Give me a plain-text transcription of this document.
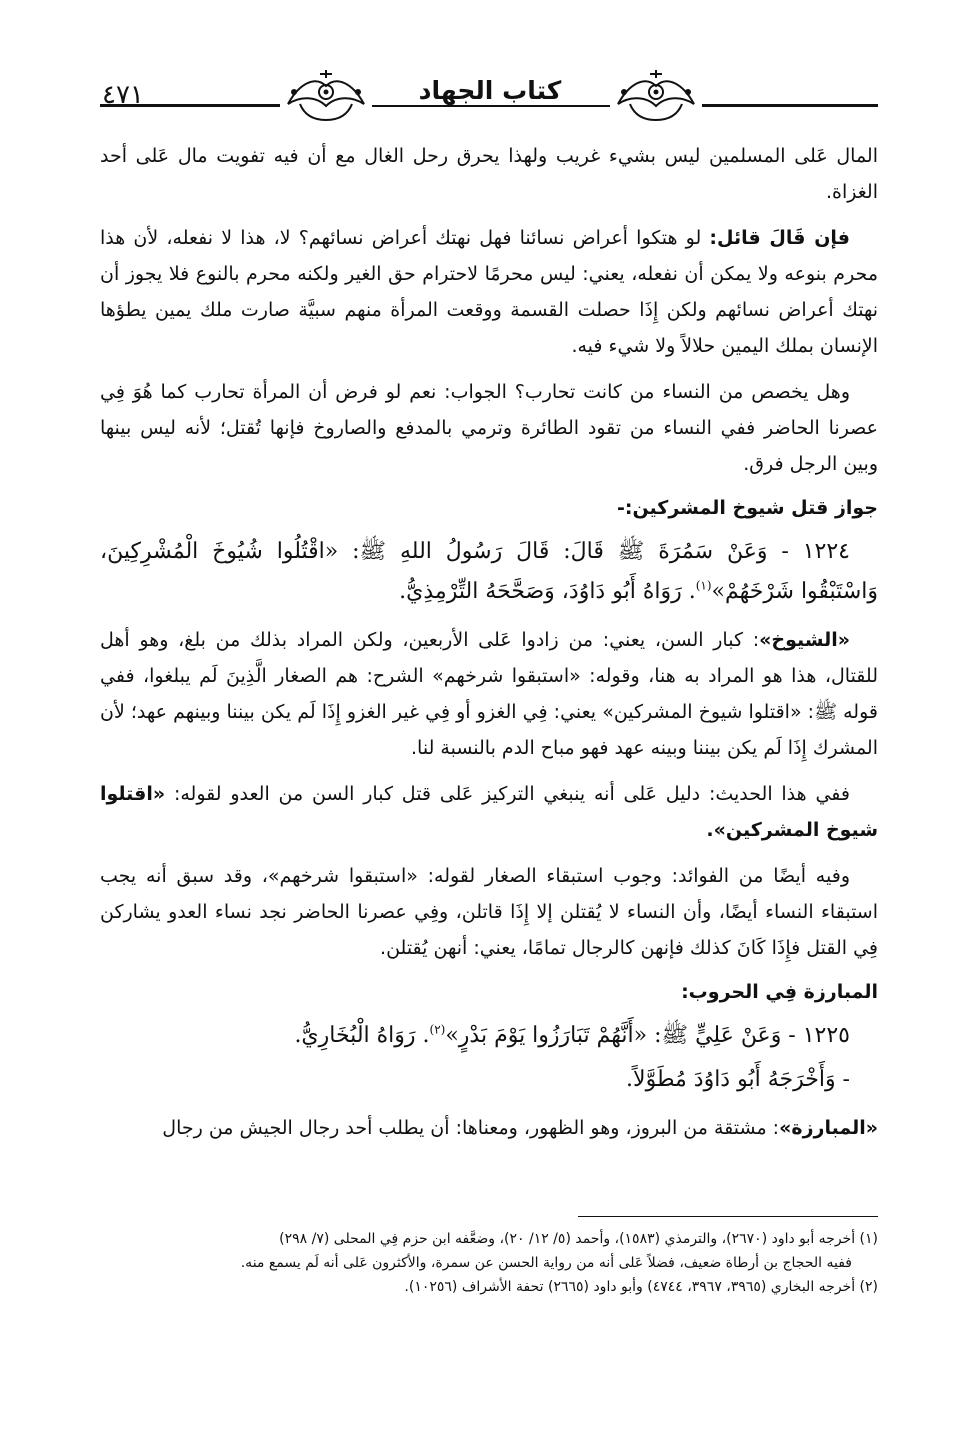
٤٧١	كتاب الجهاد

المال عَلى المسلمين ليس بشيء غريب ولهذا يحرق رحل الغال مع أن فيه تفويت مال عَلى أحد الغزاة.

فإن قَالَ قائل: لو هتكوا أعراض نسائنا فهل نهتك أعراض نسائهم؟ لا، هذا لا نفعله، لأن هذا محرم بنوعه ولا يمكن أن نفعله، يعني: ليس محرمًا لاحترام حق الغير ولكنه محرم بالنوع فلا يجوز أن نهتك أعراض نسائهم ولكن إِذَا حصلت القسمة ووقعت المرأة منهم سبيَّة صارت ملك يمين يطؤها الإنسان بملك اليمين حلالاً ولا شيء فيه.

وهل يخصص من النساء من كانت تحارب؟ الجواب: نعم لو فرض أن المرأة تحارب كما هُوَ فِي عصرنا الحاضر ففي النساء من تقود الطائرة وترمي بالمدفع والصاروخ فإنها تُقتل؛ لأنه ليس بينها وبين الرجل فرق.

جواز قتل شيوخ المشركين:-

١٢٢٤ - وَعَنْ سَمُرَةَ ﷺ قَالَ: قَالَ رَسُولُ اللهِ ﷺ: «اقْتُلُوا شُيُوخَ الْمُشْرِكِينَ، وَاسْتَبْقُوا شَرْخَهُمْ»$^{(١)}$. رَوَاهُ أَبُو دَاوُدَ، وَصَحَّحَهُ التِّرْمِذِيُّ.

«الشيوخ»: كبار السن، يعني: من زادوا عَلى الأربعين، ولكن المراد بذلك من بلغ، وهو أهل للقتال، هذا هو المراد به هنا، وقوله: «استبقوا شرخهم» الشرح: هم الصغار الَّذِينَ لَم يبلغوا، ففي قوله ﷺ: «اقتلوا شيوخ المشركين» يعني: فِي الغزو أو فِي غير الغزو إِذَا لَم يكن بيننا وبينهم عهد؛ لأن المشرك إِذَا لَم يكن بيننا وبينه عهد فهو مباح الدم بالنسبة لنا.

ففي هذا الحديث: دليل عَلى أنه ينبغي التركيز عَلى قتل كبار السن من العدو لقوله: «اقتلوا شيوخ المشركين».

وفيه أيضًا من الفوائد: وجوب استبقاء الصغار لقوله: «استبقوا شرخهم»، وقد سبق أنه يجب استبقاء النساء أيضًا، وأن النساء لا يُقتلن إلا إِذَا قاتلن، وفِي عصرنا الحاضر نجد نساء العدو يشاركن فِي القتل فإِذَا كَانَ كذلك فإنهن كالرجال تمامًا، يعني: أنهن يُقتلن.

المبارزة فِي الحروب:

١٢٢٥ - وَعَنْ عَلِيٍّ ﷺ: «أَنَّهُمْ تَبَارَزُوا يَوْمَ بَدْرٍ»$^{(٢)}$. رَوَاهُ الْبُخَارِيُّ.

- وَأَخْرَجَهُ أَبُو دَاوُدَ مُطَوَّلاً.

«المبارزة»: مشتقة من البروز، وهو الظهور، ومعناها: أن يطلب أحد رجال الجيش من رجال

(١) أخرجه أبو داود (٢٦٧٠)، والترمذي (١٥٨٣)، وأحمد (٥/ ١٢/ ٢٠)، وضعَّفه ابن حزم فِي المحلى (٧/ ٢٩٨)

ففيه الحجاج بن أرطاة ضعيف، فضلاً عَلى أنه من رواية الحسن عن سمرة، والأكثرون عَلى أنه لَم يسمع منه.

(٢) أخرجه البخاري (٣٩٦٥، ٣٩٦٧، ٤٧٤٤) وأبو داود (٢٦٦٥) تحفة الأشراف (١٠٢٥٦).
